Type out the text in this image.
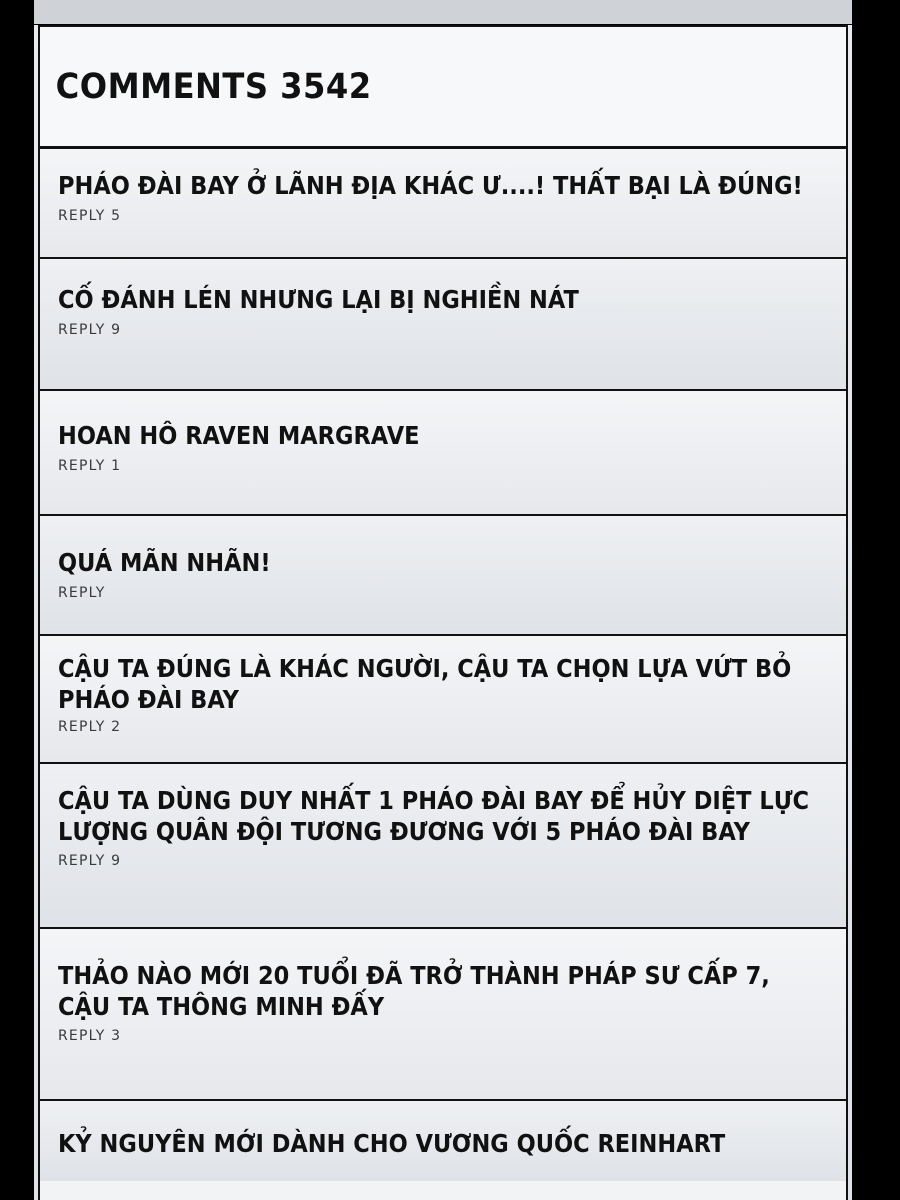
COMMENTS 3542

PHÁO ĐÀI BAY Ở LÃNH ĐỊA KHÁC Ư....! THẤT BẠI LÀ ĐÚNG!

REPLY 5

CỐ ĐÁNH LÉN NHƯNG LẠI BỊ NGHIỀN NÁT

REPLY 9

HOAN HÔ RAVEN MARGRAVE

REPLY 1

QUÁ MÃN NHÃN!

REPLY

CẬU TA ĐÚNG LÀ KHÁC NGƯỜI, CẬU TA CHỌN LỰA VỨT BỎ PHÁO ĐÀI BAY

REPLY 2

CẬU TA DÙNG DUY NHẤT 1 PHÁO ĐÀI BAY ĐỂ HỦY DIỆT LỰC LƯỢNG QUÂN ĐỘI TƯƠNG ĐƯƠNG VỚI 5 PHÁO ĐÀI BAY

REPLY 9

THẢO NÀO MỚI 20 TUỔI ĐÃ TRỞ THÀNH PHÁP SƯ CẤP 7, CẬU TA THÔNG MINH ĐẤY

REPLY 3

KỶ NGUYÊN MỚI DÀNH CHO VƯƠNG QUỐC REINHART
